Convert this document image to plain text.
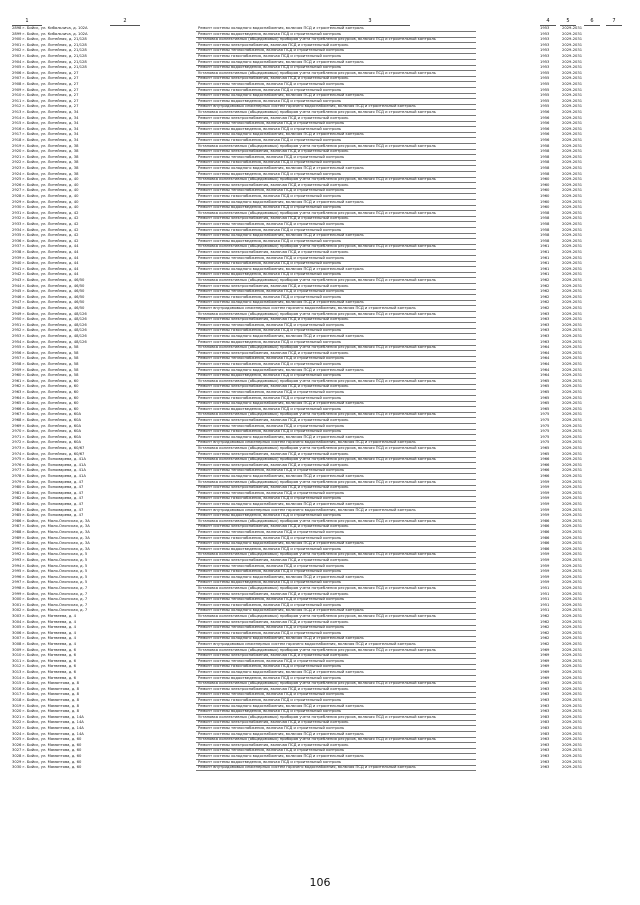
1	2	3	4	5	6	7
2898 г. Бийск, ул. Кибальчича, д. 102А	Ремонт системы холодного водоснабжения, включая ПСД и строительный контроль	1953	2029-2031
2899 г. Бийск, ул. Кибальчича, д. 102А	Ремонт системы водоотведения, включая ПСД и строительный контроль	1953	2029-2031
2900 г. Бийск, ул. Литейная, д. 21/128	Установка коллективных (общедомовых) приборов учета потребления ресурсов, включая ПСД и строительный контроль	1953	2029-2031
2901 г. Бийск, ул. Литейная, д. 21/128	Ремонт системы электроснабжения, включая ПСД и строительный контроль	1953	2029-2031
2902 г. Бийск, ул. Литейная, д. 21/128	Ремонт системы теплоснабжения, включая ПСД и строительный контроль	1953	2029-2031
2903 г. Бийск, ул. Литейная, д. 21/128	Ремонт системы газоснабжения, включая ПСД и строительный контроль	1953	2029-2031
2904 г. Бийск, ул. Литейная, д. 21/128	Ремонт системы холодного водоснабжения, включая ПСД и строительный контроль	1953	2029-2031
2905 г. Бийск, ул. Литейная, д. 21/128	Ремонт системы водоотведения, включая ПСД и строительный контроль	1953	2029-2031
2906 г. Бийск, ул. Литейная, д. 27	Установка коллективных (общедомовых) приборов учета потребления ресурсов, включая ПСД и строительный контроль	1955	2029-2031
2907 г. Бийск, ул. Литейная, д. 27	Ремонт системы электроснабжения, включая ПСД и строительный контроль	1955	2029-2031
2908 г. Бийск, ул. Литейная, д. 27	Ремонт системы теплоснабжения, включая ПСД и строительный контроль	1955	2029-2031
2909 г. Бийск, ул. Литейная, д. 27	Ремонт системы газоснабжения, включая ПСД и строительный контроль	1955	2029-2031
2910 г. Бийск, ул. Литейная, д. 27	Ремонт системы холодного водоснабжения, включая ПСД и строительный контроль	1955	2029-2031
2911 г. Бийск, ул. Литейная, д. 27	Ремонт системы водоотведения, включая ПСД и строительный контроль	1955	2029-2031
2912 г. Бийск, ул. Литейная, д. 27	Ремонт внутридомовых инженерных систем горячего водоснабжения, включая ПСД и строительный контроль	1955	2029-2031
2913 г. Бийск, ул. Литейная, д. 34	Установка коллективных (общедомовых) приборов учета потребления ресурсов, включая ПСД и строительный контроль	1956	2029-2031
2914 г. Бийск, ул. Литейная, д. 34	Ремонт системы электроснабжения, включая ПСД и строительный контроль	1956	2029-2031
2915 г. Бийск, ул. Литейная, д. 34	Ремонт системы теплоснабжения, включая ПСД и строительный контроль	1956	2029-2031
2916 г. Бийск, ул. Литейная, д. 34	Ремонт системы водоотведения, включая ПСД и строительный контроль	1956	2029-2031
2917 г. Бийск, ул. Литейная, д. 34	Ремонт системы холодного водоснабжения, включая ПСД и строительный контроль	1956	2029-2031
2918 г. Бийск, ул. Литейная, д. 34	Ремонт системы газоснабжения, включая ПСД и строительный контроль	1956	2029-2031
2919 г. Бийск, ул. Литейная, д. 38	Установка коллективных (общедомовых) приборов учета потребления ресурсов, включая ПСД и строительный контроль	1958	2029-2031
2920 г. Бийск, ул. Литейная, д. 38	Ремонт системы электроснабжения, включая ПСД и строительный контроль	1958	2029-2031
2921 г. Бийск, ул. Литейная, д. 38	Ремонт системы теплоснабжения, включая ПСД и строительный контроль	1958	2029-2031
2922 г. Бийск, ул. Литейная, д. 38	Ремонт системы газоснабжения, включая ПСД и строительный контроль	1958	2029-2031
2923 г. Бийск, ул. Литейная, д. 38	Ремонт системы холодного водоснабжения, включая ПСД и строительный контроль	1958	2029-2031
2924 г. Бийск, ул. Литейная, д. 38	Ремонт системы водоотведения, включая ПСД и строительный контроль	1958	2029-2031
2925 г. Бийск, ул. Литейная, д. 40	Установка коллективных (общедомовых) приборов учета потребления ресурсов, включая ПСД и строительный контроль	1960	2029-2031
2926 г. Бийск, ул. Литейная, д. 40	Ремонт системы электроснабжения, включая ПСД и строительный контроль	1960	2029-2031
2927 г. Бийск, ул. Литейная, д. 40	Ремонт системы теплоснабжения, включая ПСД и строительный контроль	1960	2029-2031
2928 г. Бийск, ул. Литейная, д. 40	Ремонт системы газоснабжения, включая ПСД и строительный контроль	1960	2029-2031
2929 г. Бийск, ул. Литейная, д. 40	Ремонт системы холодного водоснабжения, включая ПСД и строительный контроль	1960	2029-2031
2930 г. Бийск, ул. Литейная, д. 40	Ремонт системы водоотведения, включая ПСД и строительный контроль	1960	2029-2031
2931 г. Бийск, ул. Литейная, д. 42	Установка коллективных (общедомовых) приборов учета потребления ресурсов, включая ПСД и строительный контроль	1958	2029-2031
2932 г. Бийск, ул. Литейная, д. 42	Ремонт системы электроснабжения, включая ПСД и строительный контроль	1958	2029-2031
2933 г. Бийск, ул. Литейная, д. 42	Ремонт системы теплоснабжения, включая ПСД и строительный контроль	1958	2029-2031
2934 г. Бийск, ул. Литейная, д. 42	Ремонт системы газоснабжения, включая ПСД и строительный контроль	1958	2029-2031
2935 г. Бийск, ул. Литейная, д. 42	Ремонт системы холодного водоснабжения, включая ПСД и строительный контроль	1958	2029-2031
2936 г. Бийск, ул. Литейная, д. 42	Ремонт системы водоотведения, включая ПСД и строительный контроль	1958	2029-2031
2937 г. Бийск, ул. Литейная, д. 44	Установка коллективных (общедомовых) приборов учета потребления ресурсов, включая ПСД и строительный контроль	1961	2029-2031
2938 г. Бийск, ул. Литейная, д. 44	Ремонт системы электроснабжения, включая ПСД и строительный контроль	1961	2029-2031
2939 г. Бийск, ул. Литейная, д. 44	Ремонт системы теплоснабжения, включая ПСД и строительный контроль	1961	2029-2031
2940 г. Бийск, ул. Литейная, д. 44	Ремонт системы газоснабжения, включая ПСД и строительный контроль	1961	2029-2031
2941 г. Бийск, ул. Литейная, д. 44	Ремонт системы холодного водоснабжения, включая ПСД и строительный контроль	1961	2029-2031
2942 г. Бийск, ул. Литейная, д. 44	Ремонт системы водоотведения, включая ПСД и строительный контроль	1961	2029-2031
2943 г. Бийск, ул. Литейная, д. 46/50	Установка коллективных (общедомовых) приборов учета потребления ресурсов, включая ПСД и строительный контроль	1962	2029-2031
2944 г. Бийск, ул. Литейная, д. 46/50	Ремонт системы электроснабжения, включая ПСД и строительный контроль	1962	2029-2031
2945 г. Бийск, ул. Литейная, д. 46/50	Ремонт системы теплоснабжения, включая ПСД и строительный контроль	1962	2029-2031
2946 г. Бийск, ул. Литейная, д. 46/50	Ремонт системы газоснабжения, включая ПСД и строительный контроль	1962	2029-2031
2947 г. Бийск, ул. Литейная, д. 46/50	Ремонт системы холодного водоснабжения, включая ПСД и строительный контроль	1962	2029-2031
2948 г. Бийск, ул. Литейная, д. 46/50	Ремонт внутридомовых инженерных систем горячего водоснабжения, включая ПСД и строительный контроль	1962	2029-2031
2949 г. Бийск, ул. Литейная, д. 48/126	Установка коллективных (общедомовых) приборов учета потребления ресурсов, включая ПСД и строительный контроль	1963	2029-2031
2950 г. Бийск, ул. Литейная, д. 48/126	Ремонт системы электроснабжения, включая ПСД и строительный контроль	1963	2029-2031
2951 г. Бийск, ул. Литейная, д. 48/126	Ремонт системы теплоснабжения, включая ПСД и строительный контроль	1963	2029-2031
2952 г. Бийск, ул. Литейная, д. 48/126	Ремонт системы газоснабжения, включая ПСД и строительный контроль	1963	2029-2031
2953 г. Бийск, ул. Литейная, д. 48/126	Ремонт системы холодного водоснабжения, включая ПСД и строительный контроль	1963	2029-2031
2954 г. Бийск, ул. Литейная, д. 48/126	Ремонт системы водоотведения, включая ПСД и строительный контроль	1963	2029-2031
2955 г. Бийск, ул. Литейная, д. 58	Установка коллективных (общедомовых) приборов учета потребления ресурсов, включая ПСД и строительный контроль	1964	2029-2031
2956 г. Бийск, ул. Литейная, д. 58	Ремонт системы электроснабжения, включая ПСД и строительный контроль	1964	2029-2031
2957 г. Бийск, ул. Литейная, д. 58	Ремонт системы теплоснабжения, включая ПСД и строительный контроль	1964	2029-2031
2958 г. Бийск, ул. Литейная, д. 58	Ремонт системы газоснабжения, включая ПСД и строительный контроль	1964	2029-2031
2959 г. Бийск, ул. Литейная, д. 58	Ремонт системы холодного водоснабжения, включая ПСД и строительный контроль	1964	2029-2031
2960 г. Бийск, ул. Литейная, д. 58	Ремонт системы водоотведения, включая ПСД и строительный контроль	1964	2029-2031
2961 г. Бийск, ул. Литейная, д. 60	Установка коллективных (общедомовых) приборов учета потребления ресурсов, включая ПСД и строительный контроль	1965	2029-2031
2962 г. Бийск, ул. Литейная, д. 60	Ремонт системы электроснабжения, включая ПСД и строительный контроль	1965	2029-2031
2963 г. Бийск, ул. Литейная, д. 60	Ремонт системы теплоснабжения, включая ПСД и строительный контроль	1965	2029-2031
2964 г. Бийск, ул. Литейная, д. 60	Ремонт системы газоснабжения, включая ПСД и строительный контроль	1965	2029-2031
2965 г. Бийск, ул. Литейная, д. 60	Ремонт системы холодного водоснабжения, включая ПСД и строительный контроль	1965	2029-2031
2966 г. Бийск, ул. Литейная, д. 60	Ремонт системы водоотведения, включая ПСД и строительный контроль	1965	2029-2031
2967 г. Бийск, ул. Литейная, д. 60А	Установка коллективных (общедомовых) приборов учета потребления ресурсов, включая ПСД и строительный контроль	1975	2029-2031
2968 г. Бийск, ул. Литейная, д. 60А	Ремонт системы электроснабжения, включая ПСД и строительный контроль	1975	2029-2031
2969 г. Бийск, ул. Литейная, д. 60А	Ремонт системы теплоснабжения, включая ПСД и строительный контроль	1975	2029-2031
2970 г. Бийск, ул. Литейная, д. 60А	Ремонт системы газоснабжения, включая ПСД и строительный контроль	1975	2029-2031
2971 г. Бийск, ул. Литейная, д. 60А	Ремонт системы холодного водоснабжения, включая ПСД и строительный контроль	1975	2029-2031
2972 г. Бийск, ул. Литейная, д. 60А	Ремонт внутридомовых инженерных систем горячего водоснабжения, включая ПСД и строительный контроль	1975	2029-2031
2973 г. Бийск, ул. Литейная, д. 60/67	Установка коллективных (общедомовых) приборов учета потребления ресурсов, включая ПСД и строительный контроль	1965	2029-2031
2974 г. Бийск, ул. Литейная, д. 60/67	Ремонт системы электроснабжения, включая ПСД и строительный контроль	1965	2029-2031
2975 г. Бийск, ул. Пономарева, д. 41А	Установка коллективных (общедомовых) приборов учета потребления ресурсов, включая ПСД и строительный контроль	1966	2029-2031
2976 г. Бийск, ул. Пономарева, д. 41А	Ремонт системы электроснабжения, включая ПСД и строительный контроль	1966	2029-2031
2977 г. Бийск, ул. Пономарева, д. 41А	Ремонт системы теплоснабжения, включая ПСД и строительный контроль	1966	2029-2031
2978 г. Бийск, ул. Пономарева, д. 41А	Ремонт системы холодного водоснабжения, включая ПСД и строительный контроль	1966	2029-2031
2979 г. Бийск, ул. Пономарева, д. 47	Установка коллективных (общедомовых) приборов учета потребления ресурсов, включая ПСД и строительный контроль	1959	2029-2031
2980 г. Бийск, ул. Пономарева, д. 47	Ремонт системы электроснабжения, включая ПСД и строительный контроль	1959	2029-2031
2981 г. Бийск, ул. Пономарева, д. 47	Ремонт системы теплоснабжения, включая ПСД и строительный контроль	1959	2029-2031
2982 г. Бийск, ул. Пономарева, д. 47	Ремонт системы газоснабжения, включая ПСД и строительный контроль	1959	2029-2031
2983 г. Бийск, ул. Пономарева, д. 47	Ремонт системы холодного водоснабжения, включая ПСД и строительный контроль	1959	2029-2031
2984 г. Бийск, ул. Пономарева, д. 47	Ремонт внутридомовых инженерных систем горячего водоснабжения, включая ПСД и строительный контроль	1959	2029-2031
2985 г. Бийск, ул. Пономарева, д. 47	Ремонт системы водоотведения, включая ПСД и строительный контроль	1959	2029-2031
2986 г. Бийск, ул. Мало-Олонская, д. 3А	Установка коллективных (общедомовых) приборов учета потребления ресурсов, включая ПСД и строительный контроль	1986	2029-2031
2987 г. Бийск, ул. Мало-Олонская, д. 3А	Ремонт системы электроснабжения, включая ПСД и строительный контроль	1986	2029-2031
2988 г. Бийск, ул. Мало-Олонская, д. 3А	Ремонт системы теплоснабжения, включая ПСД и строительный контроль	1986	2029-2031
2989 г. Бийск, ул. Мало-Олонская, д. 3А	Ремонт системы газоснабжения, включая ПСД и строительный контроль	1986	2029-2031
2990 г. Бийск, ул. Мало-Олонская, д. 3А	Ремонт системы холодного водоснабжения, включая ПСД и строительный контроль	1986	2029-2031
2991 г. Бийск, ул. Мало-Олонская, д. 3А	Ремонт системы водоотведения, включая ПСД и строительный контроль	1986	2029-2031
2992 г. Бийск, ул. Мало-Олонская, д. 5	Установка коллективных (общедомовых) приборов учета потребления ресурсов, включая ПСД и строительный контроль	1959	2029-2031
2993 г. Бийск, ул. Мало-Олонская, д. 5	Ремонт системы электроснабжения, включая ПСД и строительный контроль	1959	2029-2031
2994 г. Бийск, ул. Мало-Олонская, д. 5	Ремонт системы теплоснабжения, включая ПСД и строительный контроль	1959	2029-2031
2995 г. Бийск, ул. Мало-Олонская, д. 5	Ремонт системы газоснабжения, включая ПСД и строительный контроль	1959	2029-2031
2996 г. Бийск, ул. Мало-Олонская, д. 5	Ремонт системы холодного водоснабжения, включая ПСД и строительный контроль	1959	2029-2031
2997 г. Бийск, ул. Мало-Олонская, д. 5	Ремонт системы водоотведения, включая ПСД и строительный контроль	1959	2029-2031
2998 г. Бийск, ул. Мало-Олонская, д. 7	Установка коллективных (общедомовых) приборов учета потребления ресурсов, включая ПСД и строительный контроль	1951	2029-2031
2999 г. Бийск, ул. Мало-Олонская, д. 7	Ремонт системы электроснабжения, включая ПСД и строительный контроль	1951	2029-2031
3000 г. Бийск, ул. Мало-Олонская, д. 7	Ремонт системы теплоснабжения, включая ПСД и строительный контроль	1951	2029-2031
3001 г. Бийск, ул. Мало-Олонская, д. 7	Ремонт системы газоснабжения, включая ПСД и строительный контроль	1951	2029-2031
3002 г. Бийск, ул. Мало-Олонская, д. 7	Ремонт системы холодного водоснабжения, включая ПСД и строительный контроль	1951	2029-2031
3003 г. Бийск, ул. Матвеева, д. 4	Установка коллективных (общедомовых) приборов учета потребления ресурсов, включая ПСД и строительный контроль	1962	2029-2031
3004 г. Бийск, ул. Матвеева, д. 4	Ремонт системы электроснабжения, включая ПСД и строительный контроль	1962	2029-2031
3005 г. Бийск, ул. Матвеева, д. 4	Ремонт системы теплоснабжения, включая ПСД и строительный контроль	1962	2029-2031
3006 г. Бийск, ул. Матвеева, д. 4	Ремонт системы газоснабжения, включая ПСД и строительный контроль	1962	2029-2031
3007 г. Бийск, ул. Матвеева, д. 4	Ремонт системы холодного водоснабжения, включая ПСД и строительный контроль	1962	2029-2031
3008 г. Бийск, ул. Матвеева, д. 4	Ремонт внутридомовых инженерных систем горячего водоснабжения, включая ПСД и строительный контроль	1962	2029-2031
3009 г. Бийск, ул. Матвеева, д. 6	Установка коллективных (общедомовых) приборов учета потребления ресурсов, включая ПСД и строительный контроль	1969	2029-2031
3010 г. Бийск, ул. Матвеева, д. 6	Ремонт системы электроснабжения, включая ПСД и строительный контроль	1969	2029-2031
3011 г. Бийск, ул. Матвеева, д. 6	Ремонт системы теплоснабжения, включая ПСД и строительный контроль	1969	2029-2031
3012 г. Бийск, ул. Матвеева, д. 6	Ремонт системы газоснабжения, включая ПСД и строительный контроль	1969	2029-2031
3013 г. Бийск, ул. Матвеева, д. 6	Ремонт системы холодного водоснабжения, включая ПСД и строительный контроль	1969	2029-2031
3014 г. Бийск, ул. Матвеева, д. 6	Ремонт системы водоотведения, включая ПСД и строительный контроль	1969	2029-2031
3015 г. Бийск, ул. Мамонтова, д. 8	Установка коллективных (общедомовых) приборов учета потребления ресурсов, включая ПСД и строительный контроль	1963	2029-2031
3016 г. Бийск, ул. Мамонтова, д. 8	Ремонт системы электроснабжения, включая ПСД и строительный контроль	1963	2029-2031
3017 г. Бийск, ул. Мамонтова, д. 8	Ремонт системы теплоснабжения, включая ПСД и строительный контроль	1963	2029-2031
3018 г. Бийск, ул. Мамонтова, д. 8	Ремонт системы газоснабжения, включая ПСД и строительный контроль	1963	2029-2031
3019 г. Бийск, ул. Мамонтова, д. 8	Ремонт системы холодного водоснабжения, включая ПСД и строительный контроль	1963	2029-2031
3020 г. Бийск, ул. Мамонтова, д. 8	Ремонт системы водоотведения, включая ПСД и строительный контроль	1963	2029-2031
3021 г. Бийск, ул. Мамонтова, д. 14А	Установка коллективных (общедомовых) приборов учета потребления ресурсов, включая ПСД и строительный контроль	1983	2029-2031
3022 г. Бийск, ул. Мамонтова, д. 14А	Ремонт системы электроснабжения, включая ПСД и строительный контроль	1983	2029-2031
3023 г. Бийск, ул. Мамонтова, д. 14А	Ремонт системы теплоснабжения, включая ПСД и строительный контроль	1983	2029-2031
3024 г. Бийск, ул. Мамонтова, д. 14А	Ремонт системы холодного водоснабжения, включая ПСД и строительный контроль	1983	2029-2031
3025 г. Бийск, ул. Мамонтова, д. 60	Установка коллективных (общедомовых) приборов учета потребления ресурсов, включая ПСД и строительный контроль	1963	2029-2031
3026 г. Бийск, ул. Мамонтова, д. 60	Ремонт системы электроснабжения, включая ПСД и строительный контроль	1963	2029-2031
3027 г. Бийск, ул. Мамонтова, д. 60	Ремонт системы теплоснабжения, включая ПСД и строительный контроль	1963	2029-2031
3028 г. Бийск, ул. Мамонтова, д. 60	Ремонт системы холодного водоснабжения, включая ПСД и строительный контроль	1963	2029-2031
3029 г. Бийск, ул. Мамонтова, д. 60	Ремонт системы водоотведения, включая ПСД и строительный контроль	1963	2029-2031
3030 г. Бийск, ул. Мамонтова, д. 60	Ремонт внутридомовых инженерных систем горячего водоснабжения, включая ПСД и строительный контроль	1963	2029-2031
106
